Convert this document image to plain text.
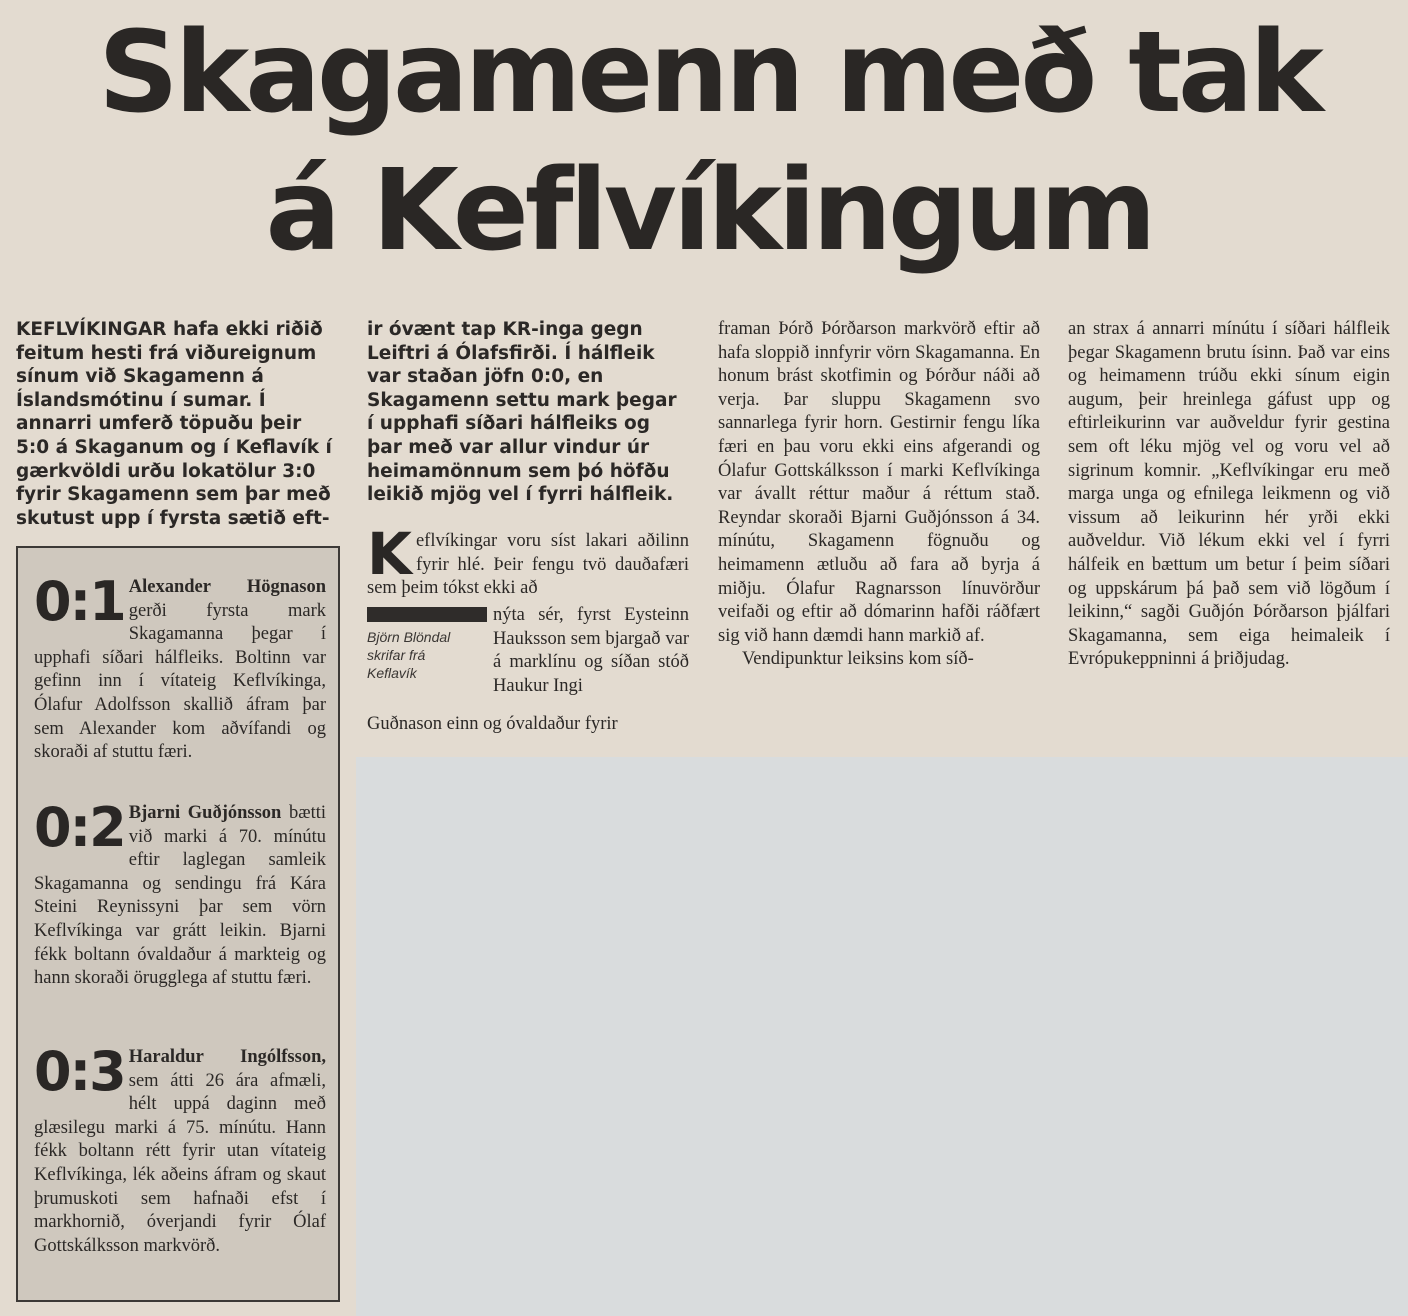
Skagamenn með tak
á Keflvíkingum

KEFLVÍKINGAR hafa ekki riðið feitum hesti frá viðureignum sínum við Skagamenn á Íslandsmótinu í sumar. Í annarri umferð töpuðu þeir 5:0 á Skaganum og í Keflavík í gærkvöldi urðu lokatölur 3:0 fyrir Skagamenn sem þar með skutust upp í fyrsta sætið eft-

ir óvænt tap KR-inga gegn Leiftri á Ólafsfirði. Í hálfleik var staðan jöfn 0:0, en Skagamenn settu mark þegar í upphafi síðari hálfleiks og þar með var allur vindur úr heimamönnum sem þó höfðu leikið mjög vel í fyrri hálfleik.

Keflvíkingar voru síst lakari aðilinn fyrir hlé. Þeir fengu tvö dauðafæri sem þeim tókst ekki að

Björn Blöndal skrifar frá Keflavík

nýta sér, fyrst Eysteinn Hauksson sem bjargað var á marklínu og síðan stóð Haukur Ingi

Guðnason einn og óvaldaður fyrir

framan Þórð Þórðarson markvörð eftir að hafa sloppið innfyrir vörn Skagamanna. En honum brást skotfimin og Þórður náði að verja. Þar sluppu Skagamenn svo sannarlega fyrir horn. Gestirnir fengu líka færi en þau voru ekki eins afgerandi og Ólafur Gottskálksson í marki Keflvíkinga var ávallt réttur maður á réttum stað. Reyndar skoraði Bjarni Guðjónsson á 34. mínútu, Skagamenn fögnuðu og heimamenn ætluðu að fara að byrja á miðju. Ólafur Ragnarsson línuvörður veifaði og eftir að dómarinn hafði ráðfært sig við hann dæmdi hann markið af.

Vendipunktur leiksins kom síð-

an strax á annarri mínútu í síðari hálfleik þegar Skagamenn brutu ísinn. Það var eins og heimamenn trúðu ekki sínum eigin augum, þeir hreinlega gáfust upp og eftirleikurinn var auðveldur fyrir gestina sem oft léku mjög vel og voru vel að sigrinum komnir. „Keflvíkingar eru með marga unga og efnilega leikmenn og við vissum að leikurinn hér yrði ekki auðveldur. Við lékum ekki vel í fyrri hálfeik en bættum um betur í þeim síðari og uppskárum þá það sem við lögðum í leikinn,“ sagði Guðjón Þórðarson þjálfari Skagamanna, sem eiga heimaleik í Evrópukeppninni á þriðjudag.

0:1 Alexander Högnason gerði fyrsta mark Skagamanna þegar í upphafi síðari hálfleiks. Boltinn var gefinn inn í vítateig Keflvíkinga, Ólafur Adolfsson skallið áfram þar sem Alexander kom aðvífandi og skoraði af stuttu færi.

0:2 Bjarni Guðjónsson bætti við marki á 70. mínútu eftir laglegan samleik Skagamanna og sendingu frá Kára Steini Reynissyni þar sem vörn Keflvíkinga var grátt leikin. Bjarni fékk boltann óvaldaður á markteig og hann skoraði örugglega af stuttu færi.

0:3 Haraldur Ingólfsson, sem átti 26 ára afmæli, hélt uppá daginn með glæsilegu marki á 75. mínútu. Hann fékk boltann rétt fyrir utan vítateig Keflvíkinga, lék aðeins áfram og skaut þrumuskoti sem hafnaði efst í markhornið, óverjandi fyrir Ólaf Gottskálksson markvörð.
